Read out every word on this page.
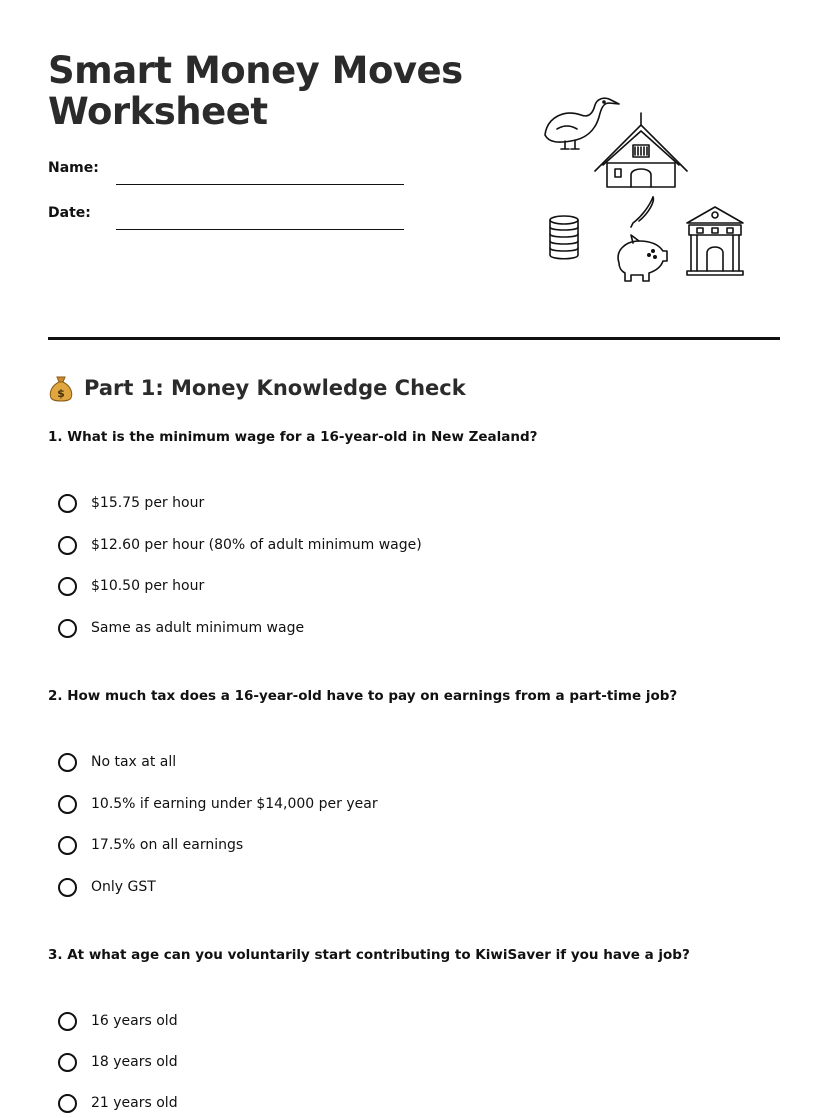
Smart Money Moves
Worksheet
Name:
Date:
$ Part 1: Money Knowledge Check

1. What is the minimum wage for a 16-year-old in New Zealand?

$15.75 per hour
$12.60 per hour (80% of adult minimum wage)
$10.50 per hour
Same as adult minimum wage

2. How much tax does a 16-year-old have to pay on earnings from a part-time job?

No tax at all
10.5% if earning under $14,000 per year
17.5% on all earnings
Only GST

3. At what age can you voluntarily start contributing to KiwiSaver if you have a job?

16 years old
18 years old
21 years old
